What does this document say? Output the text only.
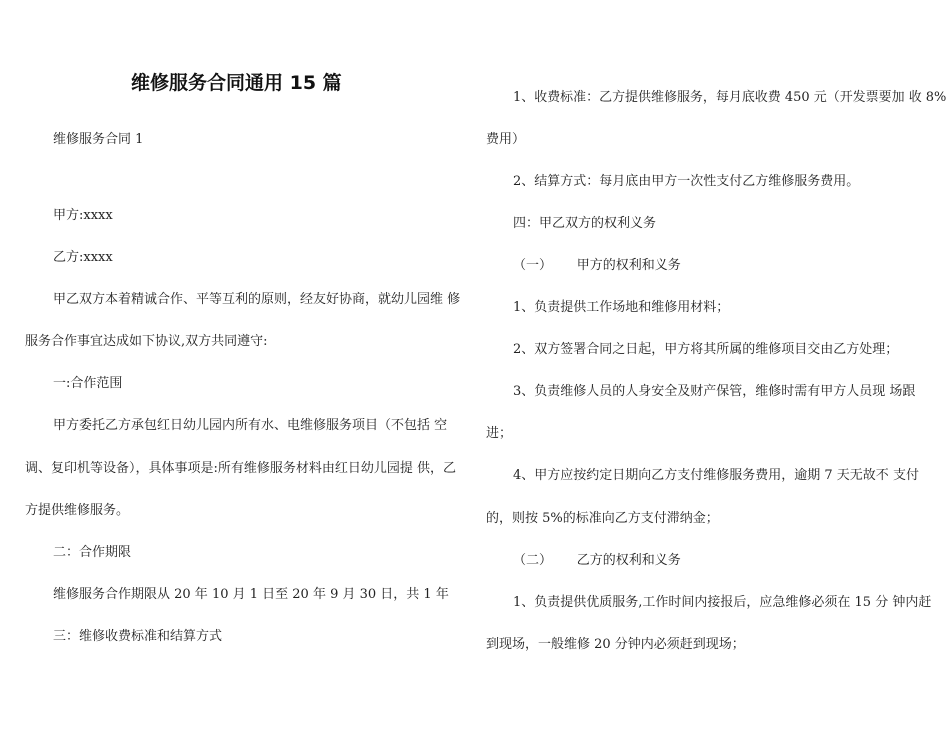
维修服务合同通用 15 篇
维修服务合同 1
甲方:xxxx
乙方:xxxx
甲乙双方本着精诚合作、平等互利的原则，经友好协商，就幼儿园维 修
服务合作事宜达成如下协议,双方共同遵守:
一:合作范围
甲方委托乙方承包红日幼儿园内所有水、电维修服务项目（不包括 空
调、复印机等设备），具体事项是:所有维修服务材料由红日幼儿园提 供，乙
方提供维修服务。
二：合作期限
维修服务合作期限从 20 年 10 月 1 日至 20 年 9 月 30 日，共 1 年
三：维修收费标准和结算方式
1、收费标准：乙方提供维修服务，每月底收费 450 元（开发票要加 收 8%
费用）
2、结算方式：每月底由甲方一次性支付乙方维修服务费用。
四：甲乙双方的权利义务
（一）      甲方的权利和义务
1、负责提供工作场地和维修用材料；
2、双方签署合同之日起，甲方将其所属的维修项目交由乙方处理；
3、负责维修人员的人身安全及财产保管，维修时需有甲方人员现 场跟
进；
4、甲方应按约定日期向乙方支付维修服务费用，逾期 7 天无故不 支付
的，则按 5%的标准向乙方支付滞纳金；
（二）      乙方的权利和义务
1、负责提供优质服务,工作时间内接报后，应急维修必须在 15 分 钟内赶
到现场，一般维修 20 分钟内必须赶到现场；
